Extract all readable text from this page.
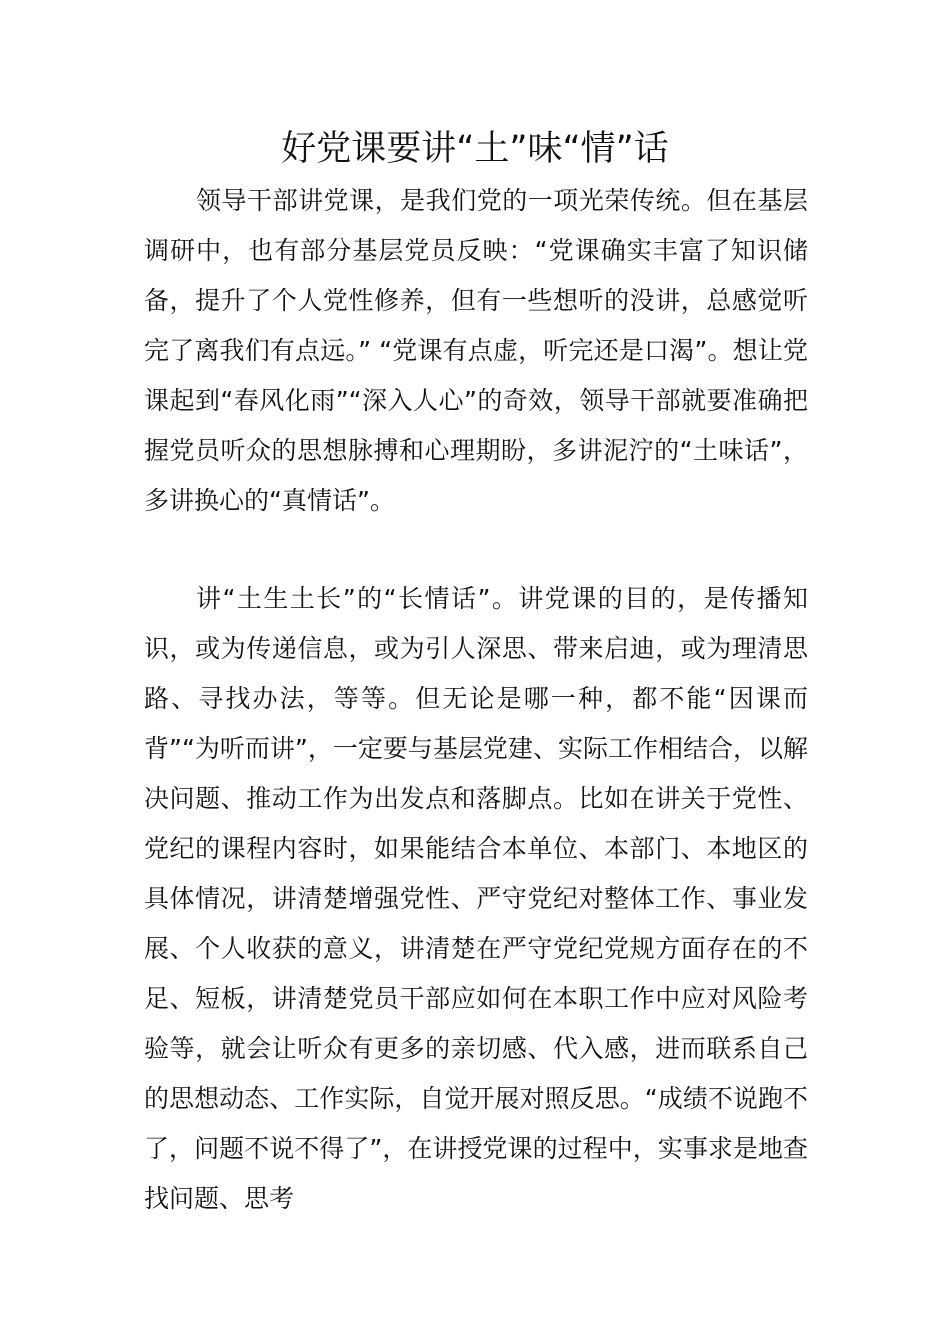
好党课要讲“土”味“情”话

领导干部讲党课，是我们党的一项光荣传统。但在基层调研中，也有部分基层党员反映：“党课确实丰富了知识储备，提升了个人党性修养，但有一些想听的没讲，总感觉听完了离我们有点远。” “党课有点虚，听完还是口渴”。想让党课起到“春风化雨”“深入人心”的奇效，领导干部就要准确把握党员听众的思想脉搏和心理期盼，多讲泥泞的“土味话”，多讲换心的“真情话”。

讲“土生土长”的“长情话”。讲党课的目的，是传播知识，或为传递信息，或为引人深思、带来启迪，或为理清思路、寻找办法，等等。但无论是哪一种，都不能“因课而背”“为听而讲”，一定要与基层党建、实际工作相结合，以解决问题、推动工作为出发点和落脚点。比如在讲关于党性、党纪的课程内容时，如果能结合本单位、本部门、本地区的具体情况，讲清楚增强党性、严守党纪对整体工作、事业发展、个人收获的意义，讲清楚在严守党纪党规方面存在的不足、短板，讲清楚党员干部应如何在本职工作中应对风险考验等，就会让听众有更多的亲切感、代入感，进而联系自己的思想动态、工作实际，自觉开展对照反思。“成绩不说跑不了，问题不说不得了”，在讲授党课的过程中，实事求是地查找问题、思考
